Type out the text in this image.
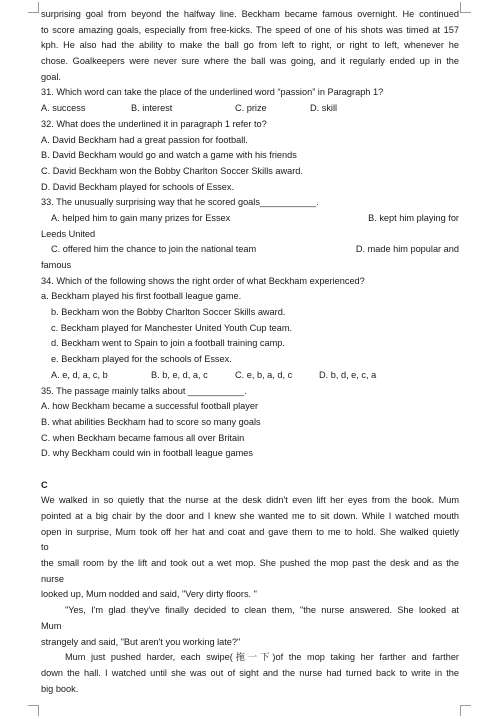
surprising goal from beyond the halfway line. Beckham became famous overnight. He continued
to score amazing goals, especially from free-kicks. The speed of one of his shots was timed at 157
kph. He also had the ability to make the ball go from left to right, or right to left, whenever he
chose. Goalkeepers were never sure where the ball was going, and it regularly ended up in the
goal.
31. Which word can take the place of the underlined word “passion” in Paragraph 1?
A. success	B. interest	C. prize	D. skill
32. What does the underlined it in paragraph 1 refer to?
A. David Beckham had a great passion for football.
B. David Beckham would go and watch a game with his friends
C. David Beckham won the Bobby Charlton Soccer Skills award.
D. David Beckham played for schools of Essex.
33. The unusually surprising way that he scored goals___________.
A. helped him to gain many prizes for Essex	B. kept him playing for
Leeds United
C. offered him the chance to join the national team	D. made him popular and
famous
34. Which of the following shows the right order of what Beckham experienced?
a. Beckham played his first football league game.
b. Beckham won the Bobby Charlton Soccer Skills award.
c. Beckham played for Manchester United Youth Cup team.
d. Beckham went to Spain to join a football training camp.
e. Beckham played for the schools of Essex.
A. e, d, a, c, b	B. b, e, d, a, c	C. e, b, a, d, c	D. b, d, e, c, a
35. The passage mainly talks about ___________.
A. how Beckham became a successful football player
B. what abilities Beckham had to score so many goals
C. when Beckham became famous all over Britain
D. why Beckham could win in football league games
C
We walked in so quietly that the nurse at the desk didn't even lift her eyes from the book. Mum
pointed at a big chair by the door and I knew she wanted me to sit down. While I watched mouth
open in surprise, Mum took off her hat and coat and gave them to me to hold. She walked quietly
to
the small room by the lift and took out a wet mop. She pushed the mop past the desk and as the
nurse
looked up, Mum nodded and said, "Very dirty floors. "
"Yes, I'm glad they've finally decided to clean them, "the nurse answered. She looked at
Mum
strangely and said, "But aren't you working late?"
Mum just pushed harder, each swipe(拖一下)of the mop taking her farther and farther
down the hall. I watched until she was out of sight and the nurse had turned back to write in the
big book.
